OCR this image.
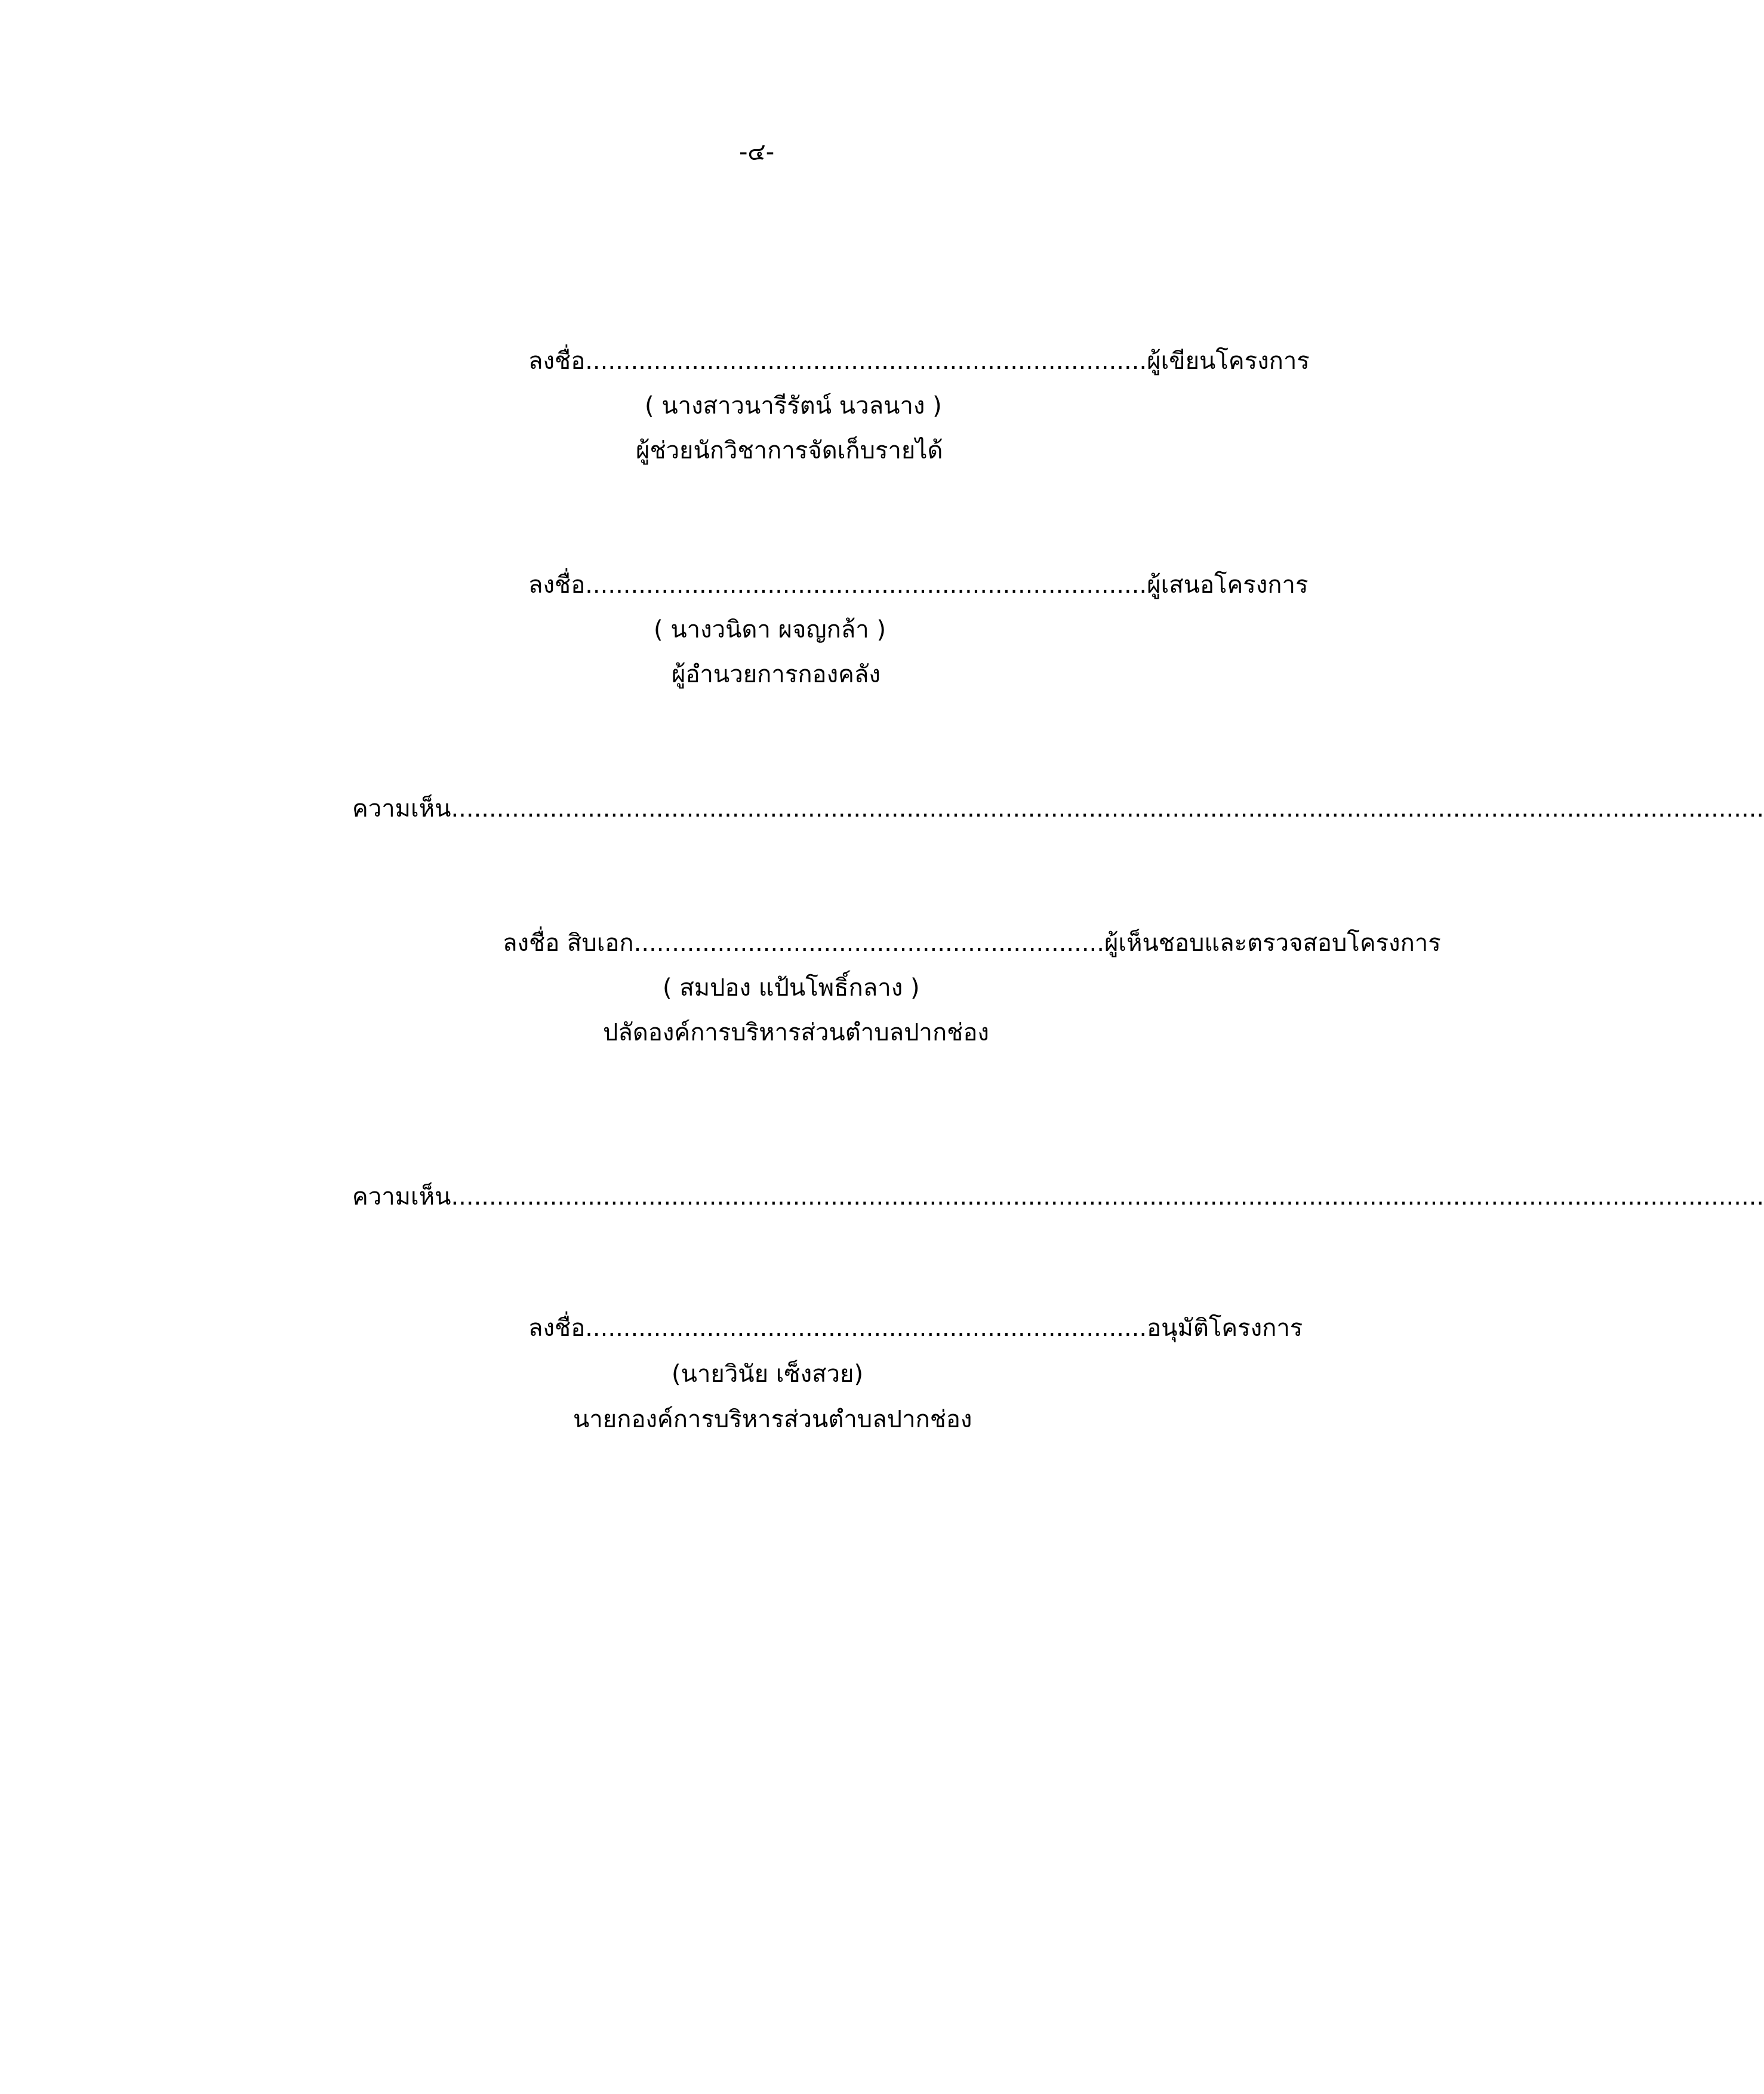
-๔-
ลงชื่อ..........................................................................ผู้เขียนโครงการ
( นางสาวนารีรัตน์ นวลนาง )
ผู้ช่วยนักวิชาการจัดเก็บรายได้
ลงชื่อ..........................................................................ผู้เสนอโครงการ
( นางวนิดา ผจญกล้า )
ผู้อำนวยการกองคลัง
ความเห็น.............................................................................................................................................................................
ลงชื่อ สิบเอก..............................................................ผู้เห็นชอบและตรวจสอบโครงการ
( สมปอง แป้นโพธิ์กลาง )
ปลัดองค์การบริหารส่วนตำบลปากช่อง
ความเห็น.............................................................................................................................................................................
ลงชื่อ..........................................................................อนุมัติโครงการ
(นายวินัย เซ็งสวย)
นายกองค์การบริหารส่วนตำบลปากช่อง
